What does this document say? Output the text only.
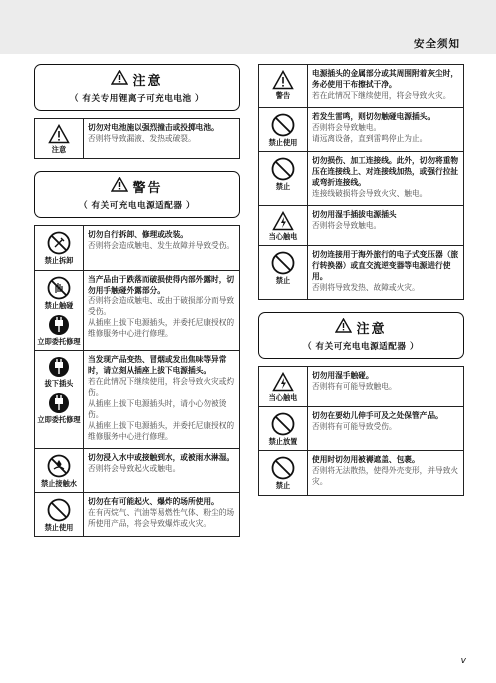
安全须知
注意
（ 有关专用锂离子可充电电池 ）
注意
切勿对电池施以强烈撞击或投掷电池。
否则将导致漏液、发热或破裂。
警告
（ 有关可充电电源适配器 ）
禁止拆卸
切勿自行拆卸、修理或改装。
否则将会造成触电、发生故障并导致受伤。
禁止触碰
立即委托修理
当产品由于跌落而破损使得内部外露时，切勿用手触碰外露部分。
否则将会造成触电、或由于破损部分而导致受伤。
从插座上拔下电源插头，并委托尼康授权的维修服务中心进行修理。
拔下插头
立即委托修理
当发现产品变热、冒烟或发出焦味等异常时，请立刻从插座上拔下电源插头。
若在此情况下继续使用，将会导致火灾或灼伤。
从插座上拔下电源插头时，请小心勿被烫伤。
从插座上拔下电源插头，并委托尼康授权的维修服务中心进行修理。
禁止接触水
切勿浸入水中或接触到水，或被雨水淋湿。
否则将会导致起火或触电。
禁止使用
切勿在有可能起火、爆炸的场所使用。
在有丙烷气、汽油等易燃性气体、粉尘的场所使用产品，将会导致爆炸或火灾。
警告
电源插头的金属部分或其周围附着灰尘时，务必使用干布擦拭干净。
若在此情况下继续使用，将会导致火灾。
禁止使用
若发生雷鸣，则切勿触碰电源插头。
否则将会导致触电。
请远离设备，直到雷鸣停止为止。
禁止
切勿损伤、加工连接线。此外，切勿将重物压在连接线上、对连接线加热，或强行拉扯或弯折连接线。
连接线破损将会导致火灾、触电。
当心触电
切勿用湿手插拔电源插头
否则将会导致触电。
禁止
切勿连接用于海外旅行的电子式变压器（旅行转换器）或直交流逆变器等电源进行使用。
否则将导致发热、故障或火灾。
注意
（ 有关可充电电源适配器 ）
当心触电
切勿用湿手触碰。
否则将有可能导致触电。
禁止放置
切勿在要幼儿伸手可及之处保管产品。
否则将有可能导致受伤。
禁止
使用时切勿用被褥遮盖、包裹。
否则将无法散热，使得外壳变形，并导致火灾。
v
